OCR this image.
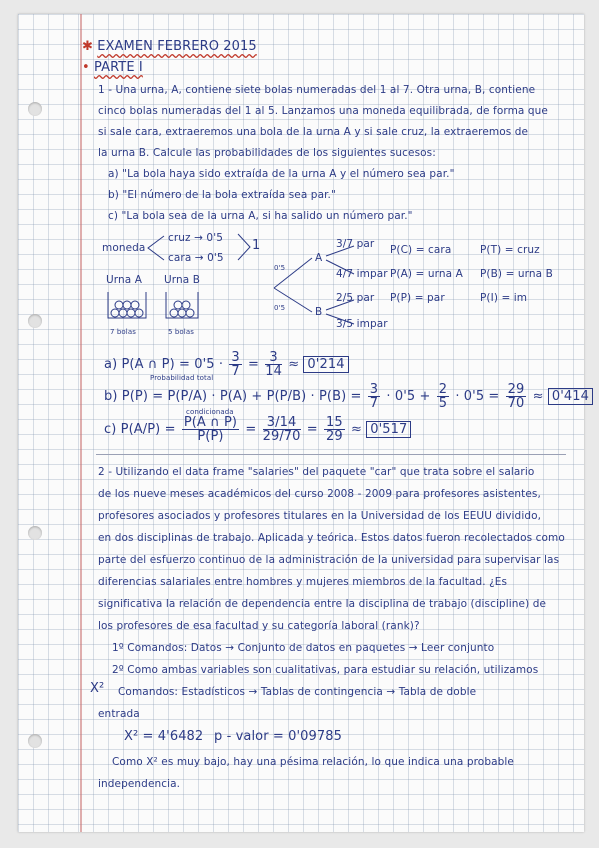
✱ EXAMEN FEBRERO 2015
• PARTE I
1 - Una urna, A, contiene siete bolas numeradas del 1 al 7. Otra urna, B, contiene
cinco bolas numeradas del 1 al 5. Lanzamos una moneda equilibrada, de forma que
si sale cara, extraeremos una bola de la urna A y si sale cruz, la extraeremos de
la urna B. Calcule las probabilidades de los siguientes sucesos:
a) "La bola haya sido extraída de la urna A y el número sea par."
b) "El número de la bola extraída sea par."
c) "La bola sea de la urna A, si ha salido un número par."
moneda
cruz → 0'5
cara → 0'5
1
Urna A Urna B
7 bolas	5 bolas
0'5
0'5
A
B
3/7 par
4/7 impar
2/5 par
3/5 impar
P(C) = cara	P(T) = cruz
P(A) = urna A P(B) = urna B
P(P) = par	P(I) = im
a) P(A ∩ $P) = 0'5 \cdot \frac{3}{7} = \frac{3}{14} \approx 0'214$
Probabilidad total
b) $P(P) = P(P/A) \cdot P(A) + P(P/B) \cdot P(B) = \frac{3}{7} \cdot 0'5 + \frac{2}{5} \cdot 0'5 = \frac{29}{70} \approx 0'414$
condicionada
c) $P(A/P) = \frac{P(A \cap P)}{P(P)} = \frac{3/14}{29/70} = \frac{15}{29} \approx 0'517$
2 - Utilizando el data frame "salaries" del paquete "car" que trata sobre el salario
de los nueve meses académicos del curso 2008 - 2009 para profesores asistentes,
profesores asociados y profesores titulares en la Universidad de los EEUU dividido,
en dos disciplinas de trabajo. Aplicada y teórica. Estos datos fueron recolectados como
parte del esfuerzo continuo de la administración de la universidad para supervisar las
diferencias salariales entre hombres y mujeres miembros de la facultad. ¿Es
significativa la relación de dependencia entre la disciplina de trabajo (discipline) de
los profesores de esa facultad y su categoría laboral (rank)?
1º Comandos: Datos → Conjunto de datos en paquetes → Leer conjunto
2º Como ambas variables son cualitativas, para estudiar su relación, utilizamos
X² Comandos: Estadísticos → Tablas de contingencia → Tabla de doble
entrada
X² = 4'6482 p - valor = 0'09785
Como X² es muy bajo, hay una pésima relación, lo que indica una probable
independencia.
